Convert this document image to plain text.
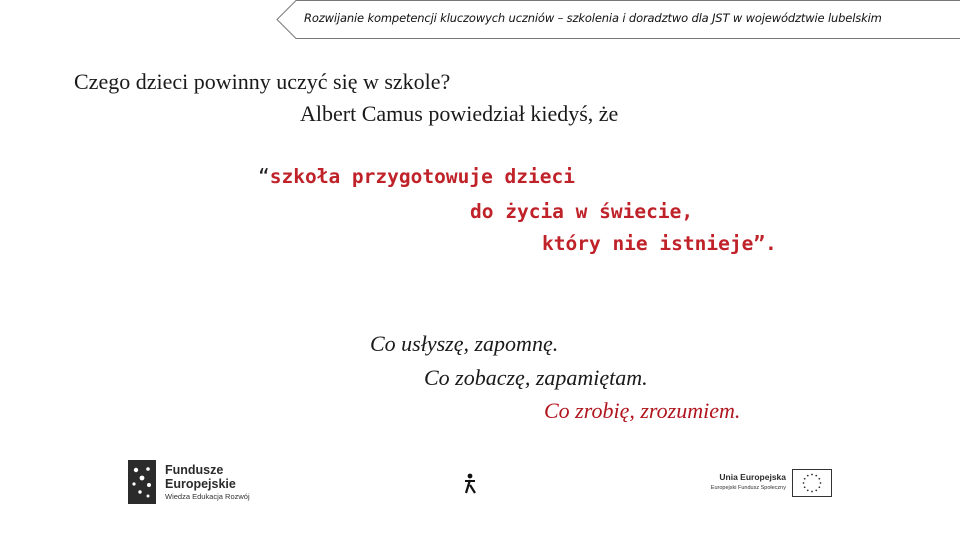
Rozwijanie kompetencji kluczowych uczniów – szkolenia i doradztwo dla JST w województwie lubelskim
Czego dzieci powinny uczyć się w szkole?
Albert Camus powiedział kiedyś, że
“szkoła przygotowuje dzieci
do życia w świecie,
który nie istnieje”.
Co usłyszę, zapomnę.
Co zobaczę, zapamiętam.
Co zrobię, zrozumiem.
Fundusze
Europejskie
Wiedza Edukacja Rozwój
Unia Europejska
Europejski Fundusz Społeczny
